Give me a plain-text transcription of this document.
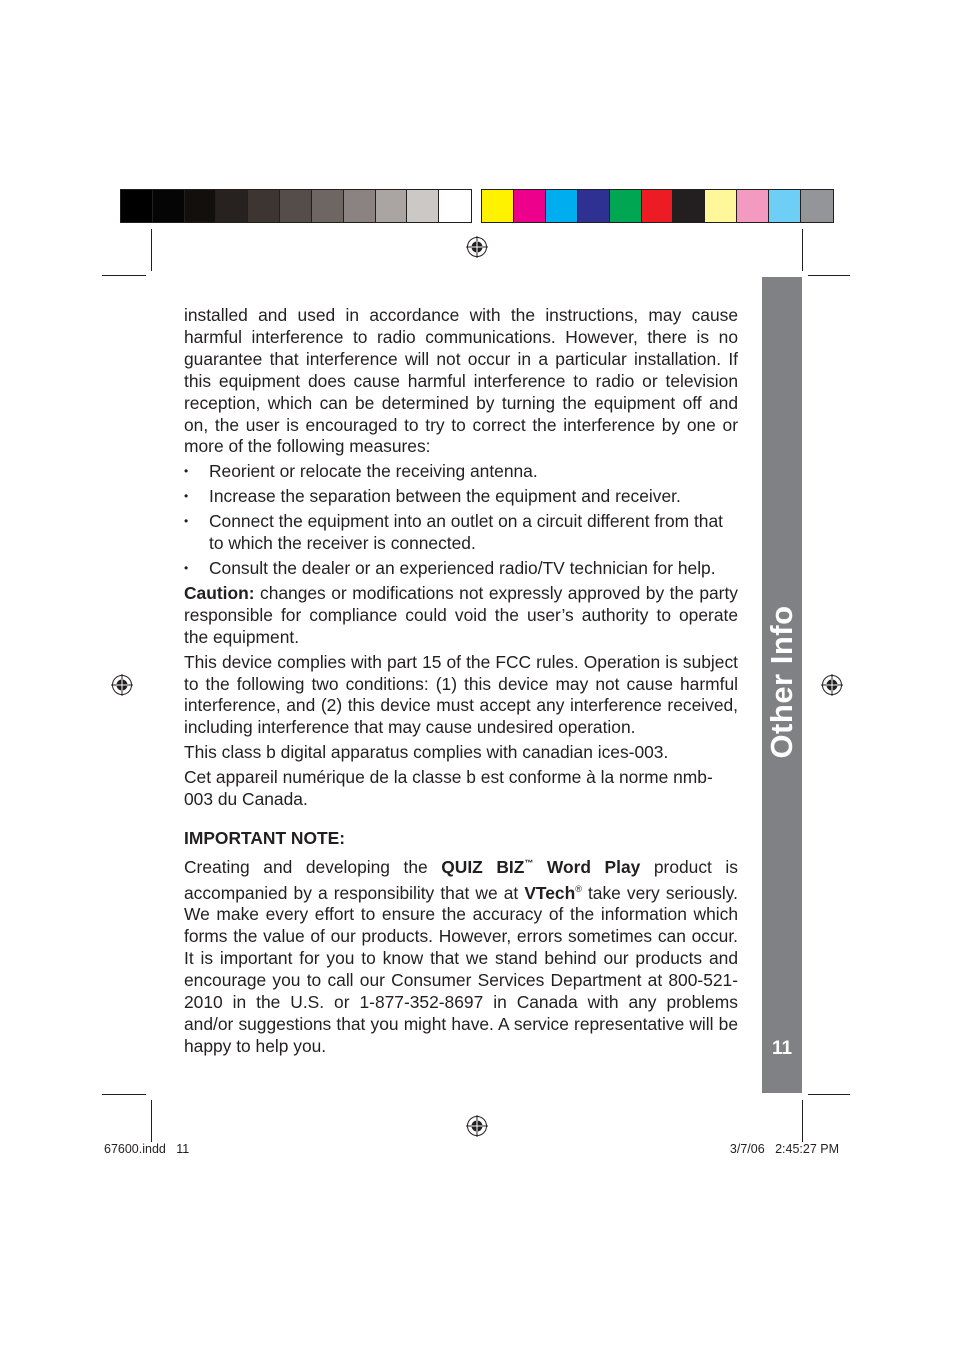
Other Info
11

installed and used in accordance with the instructions, may cause harmful interference to radio communications. However, there is no guarantee that interference will not occur in a particular installation. If this equipment does cause harmful interference to radio or television reception, which can be determined by turning the equipment off and on, the user is encouraged to try to correct the interference by one or more of the following measures:

• Reorient or relocate the receiving antenna.
• Increase the separation between the equipment and receiver.
• Connect the equipment into an outlet on a circuit different from that to which the receiver is connected.
• Consult the dealer or an experienced radio/TV technician for help.

Caution: changes or modifications not expressly approved by the party responsible for compliance could void the user’s authority to operate the equipment.

This device complies with part 15 of the FCC rules. Operation is subject to the following two conditions: (1) this device may not cause harmful interference, and (2) this device must accept any interference received, including interference that may cause undesired operation.

This class b digital apparatus complies with canadian ices-003.

Cet appareil numérique de la classe b est conforme à la norme nmb-003 du Canada.

IMPORTANT NOTE:

Creating and developing the QUIZ BIZ™ Word Play product is accompanied by a responsibility that we at VTech® take very seriously. We make every effort to ensure the accuracy of the information which forms the value of our products. However, errors sometimes can occur. It is important for you to know that we stand behind our products and encourage you to call our Consumer Services Department at 800-521-2010 in the U.S. or 1-877-352-8697 in Canada with any problems and/or suggestions that you might have. A service representative will be happy to help you.

67600.indd   11	3/7/06   2:45:27 PM
